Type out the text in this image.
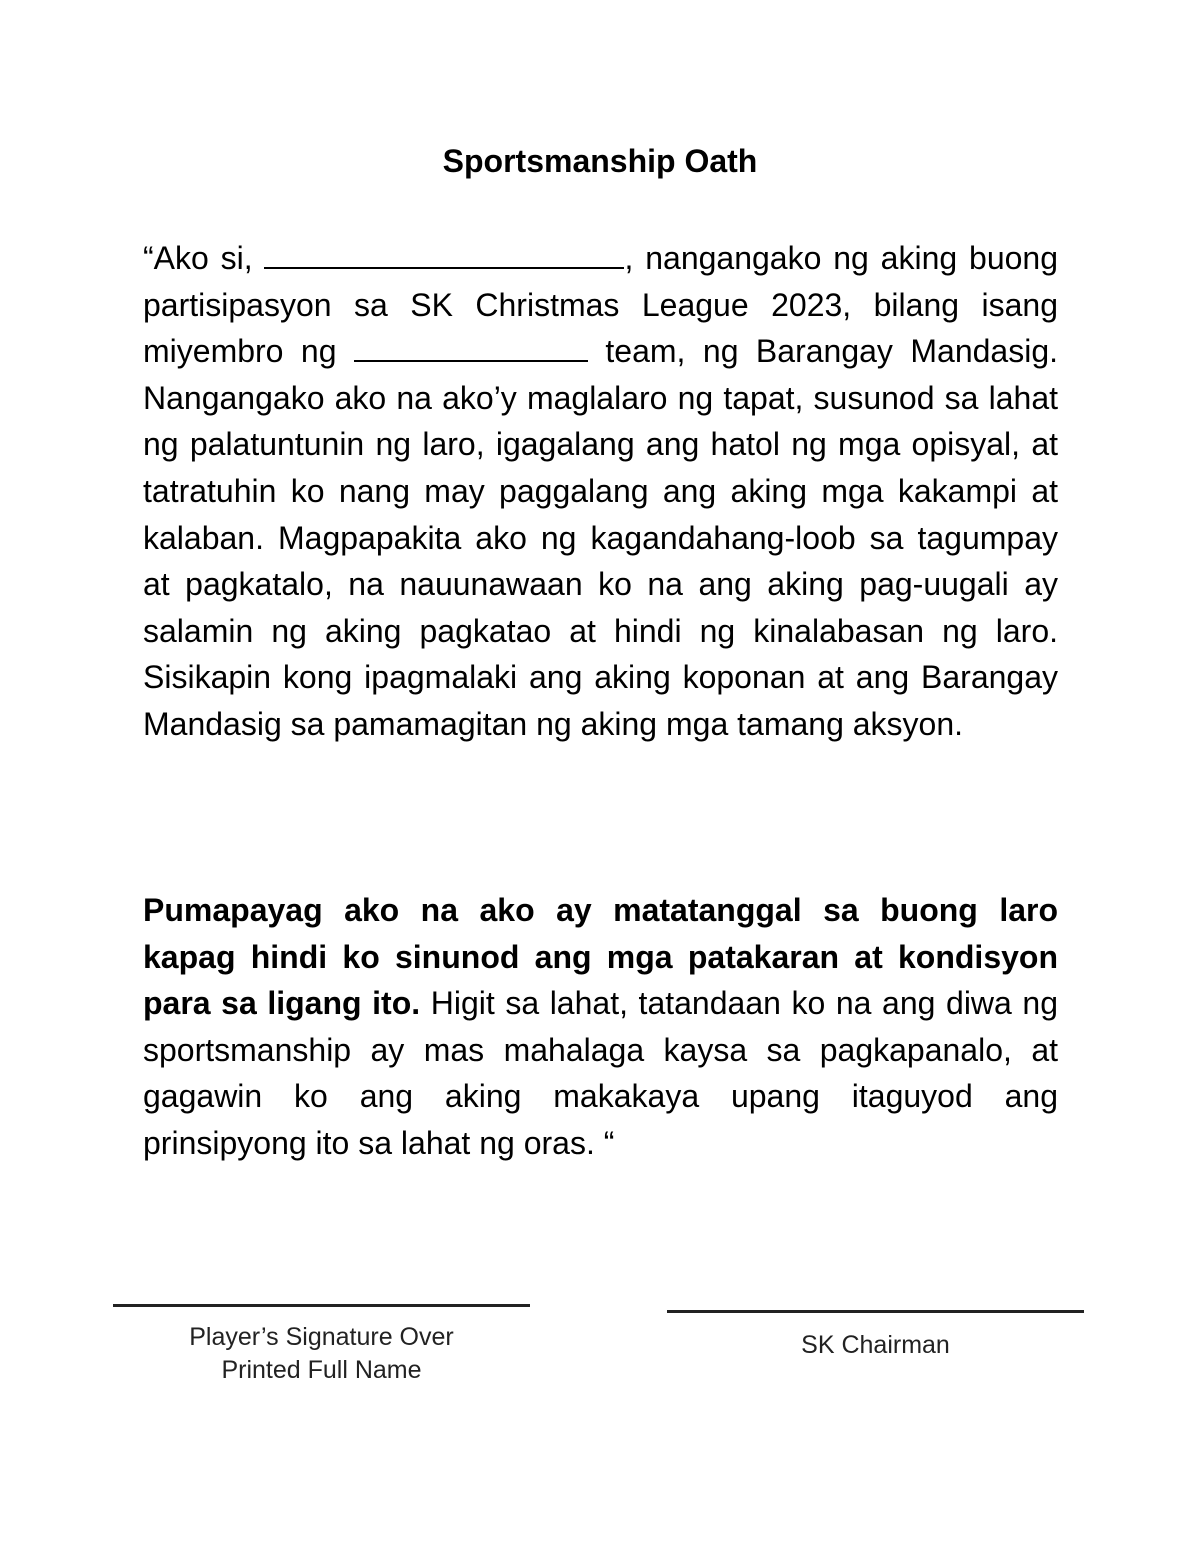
Sportsmanship Oath

“Ako si,	, nangangako ng aking buong partisipasyon sa SK Christmas League 2023, bilang isang miyembro ng	team, ng Barangay Mandasig. Nangangako ako na ako’y maglalaro ng tapat, susunod sa lahat ng palatuntunin ng laro, igagalang ang hatol ng mga opisyal, at tatratuhin ko nang may paggalang ang aking mga kakampi at kalaban. Magpapakita ako ng kagandahang-loob sa tagumpay at pagkatalo, na nauunawaan ko na ang aking pag-uugali ay salamin ng aking pagkatao at hindi ng kinalabasan ng laro. Sisikapin kong ipagmalaki ang aking koponan at ang Barangay Mandasig sa pamamagitan ng aking mga tamang aksyon.

Pumapayag ako na ako ay matatanggal sa buong laro kapag hindi ko sinunod ang mga patakaran at kondisyon para sa ligang ito. Higit sa lahat, tatandaan ko na ang diwa ng sportsmanship ay mas mahalaga kaysa sa pagkapanalo, at gagawin ko ang aking makakaya upang itaguyod ang prinsipyong ito sa lahat ng oras. “

Player’s Signature Over
Printed Full Name
SK Chairman
